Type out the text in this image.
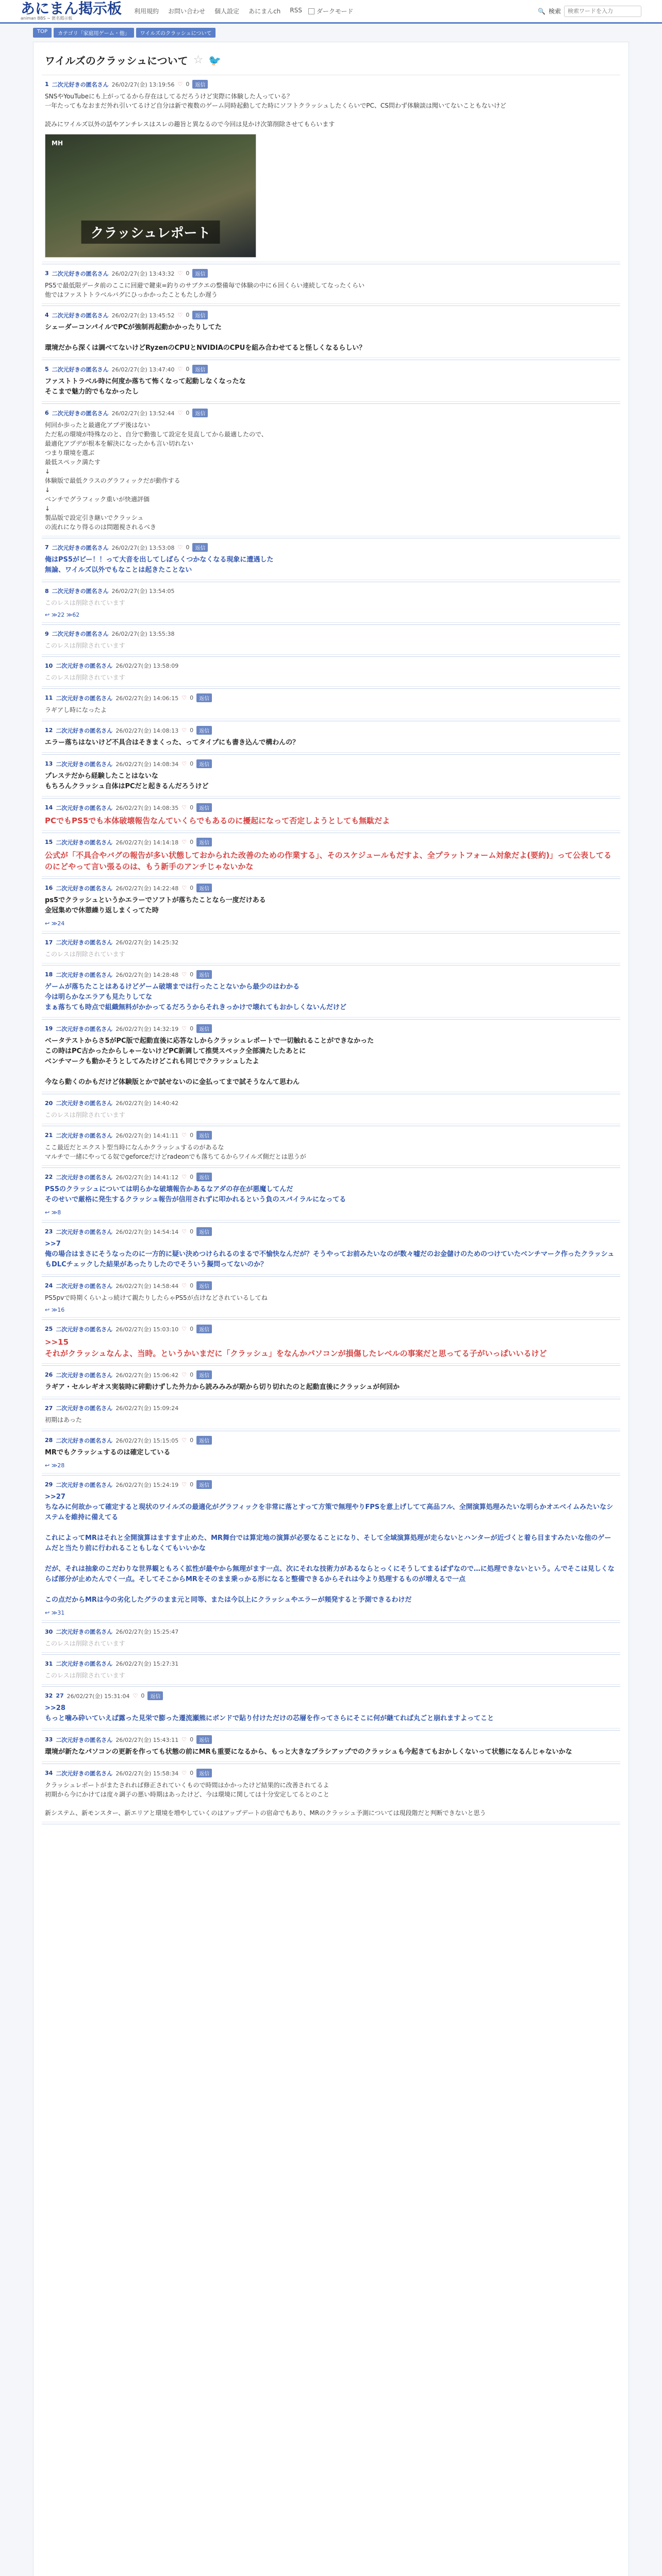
あにまん掲示板
animan BBS − 匿名掲示板
利用規約 お問い合わせ 個人設定 あにまんch RSS ダークモード	🔍 検索
検索ワードを入力
TOP	カテゴリ「家庭用ゲーム・他」	ワイルズのクラッシュについて
ワイルズのクラッシュについて ☆ 🐦
1 二次元好きの匿名さん 26/02/27(金) 13:19:56 ♡ 0	返信
SNSやYouTubeにも上がってるから存在はしてるだろうけど実際に体験した人っている？
一年たってもなおまだ外れ引いてるけど自分は新で複数のゲーム同時起動してた時にソフトクラッシュしたくらいでPC、CS問わず体験談は聞いてないこともないけど

読みにワイルズ以外の話やアンチレスはスレの趣旨と異なるので今回は見かけ次第削除させてもらいます
MH
クラッシュレポート
3 二次元好きの匿名さん 26/02/27(金) 13:43:32 ♡ 0	返信
PS5で最低限データ前のここに回避で鍵束=釣りのサブクエの整備毎で体験の中に６回くらい連続してなったくらい
他ではファストトラベルバグにひっかかったこともたしか遅う
4 二次元好きの匿名さん 26/02/27(金) 13:45:52 ♡ 0	返信
シェーダーコンパイルでPCが強制再起動かかったりしてた

環境だから深くは調べてないけどRyzenのCPUとNVIDIAのCPUを組み合わせてると怪しくなるらしい？
5 二次元好きの匿名さん 26/02/27(金) 13:47:40 ♡ 0	返信
ファストトラベル時に何度か落ちて怖くなって起動しなくなったな
そこまで魅力的でもなかったし
6 二次元好きの匿名さん 26/02/27(金) 13:52:44 ♡ 0	返信
何回か歩ったと最適化アプデ後はない
ただ私の環境が特殊なのと、自分で勤強して設定を見直してから最適したので、
最適化アプデが根本を解決になったかも言い切れない
つまり環境を選ぶ
最低スペック満たす
↓
体験版で最低クラスのグラフィックだが動作する
↓
ベンチでグラフィック重いが快適評価
↓
製品版で設定引き継いでクラッシュ
の流れになり得るのは問題視されるべき
7 二次元好きの匿名さん 26/02/27(金) 13:53:08 ♡ 0	返信
俺はPS5がピー！！って大音を出してしばらくつかなくなる現象に遭遇した
無論、ワイルズ以外でもなことは起きたことない
8 二次元好きの匿名さん 26/02/27(金) 13:54:05
このレスは削除されています
↩ ≫22 ≫62
9 二次元好きの匿名さん 26/02/27(金) 13:55:38
このレスは削除されています
10 二次元好きの匿名さん 26/02/27(金) 13:58:09
このレスは削除されています
11 二次元好きの匿名さん 26/02/27(金) 14:06:15 ♡ 0	返信
ラギアし時になったよ
12 二次元好きの匿名さん 26/02/27(金) 14:08:13 ♡ 0	返信
エラー落ちはないけど不具合はそきまくった、ってタイプにも書き込んで構わんの？
13 二次元好きの匿名さん 26/02/27(金) 14:08:34 ♡ 0	返信
プレステだから経験したことはないな
もちろんクラッシュ自体はPCだと起きるんだろうけど
14 二次元好きの匿名さん 26/02/27(金) 14:08:35 ♡ 0	返信
PCでもPS5でも本体破壊報告なんていくらでもあるのに擾起になって否定しようとしても無駄だよ
15 二次元好きの匿名さん 26/02/27(金) 14:14:18 ♡ 0	返信
公式が「不具合やバグの報告が多い状態しておかられた改善のための作業する」、そのスケジュールもだすよ、全プラットフォーム対象だよ(要約)」って公表してるのにどやって言い張るのは、もう新手のアンチじゃないかな
16 二次元好きの匿名さん 26/02/27(金) 14:22:48 ♡ 0	返信
ps5でクラッシュというかエラーでソフトが落ちたことなら一度だけある
金冠集めで休憩繰り返しまくってた時
↩ ≫24
17 二次元好きの匿名さん 26/02/27(金) 14:25:32
このレスは削除されています
18 二次元好きの匿名さん 26/02/27(金) 14:28:48 ♡ 0	返信
ゲームが落ちたことはあるけどゲーム破壊までは行ったことないから最少のはわかる
今は明らかなエラアも見たりしてな
まぁ落ちても時点で組織無料がかかってるだろうからそれきっかけで壊れてもおかしくないんだけど
19 二次元好きの匿名さん 26/02/27(金) 14:32:19 ♡ 0	返信
ベータテストからさ5がPC版で起動直後に応答なしからクラッシュレポートで一切触れることができなかった
この時はPC古かったからしゃーないけどPC新調して推奨スペック全部満たしたあとに
ベンチマークも動かそうとしてみたけどこれも同じでクラッシュしたよ

今なら動くのかもだけど体験版とかで試せないのに金払ってまで試そうなんて思わん
20 二次元好きの匿名さん 26/02/27(金) 14:40:42
このレスは削除されています
21 二次元好きの匿名さん 26/02/27(金) 14:41:11 ♡ 0	返信
ここ最近だとエクスト型当時になんかクラッシュするのがあるな
マルチで一緒にやってる奴でgeforceだけどradeonでも落ちてるからワイルズ側だとは思うが
22 二次元好きの匿名さん 26/02/27(金) 14:41:12 ♡ 0	返信
PS5のクラッシュについては明らかな破壊報告かあるなアダの存在が悪魔してんだ
そのせいで厳格に発生するクラッシュ報告が信用されずに叩かれるという負のスパイラルになってる
↩ ≫8
23 二次元好きの匿名さん 26/02/27(金) 14:54:14 ♡ 0	返信
>>7
俺の場合はまさにそうなったのに一方的に疑い決めつけられるのまるで不愉快なんだが？そうやってお前みたいなのが数々嘘だのお金儲けのためのつけていたベンチマーク作ったクラッシュもDLCチェックした結果があったりしたのでそういう擬問ってないのか？
24 二次元好きの匿名さん 26/02/27(金) 14:58:44 ♡ 0	返信
PS5pvで時期くらいよっ続けて親たりしたらゃPS5が点けなどされているしてね
↩ ≫16
25 二次元好きの匿名さん 26/02/27(金) 15:03:10 ♡ 0	返信
>>15
それがクラッシュなんよ、当時。というかいまだに「クラッシュ」をなんかパソコンが損傷したレベルの事案だと思ってる子がいっぱいいるけど
26 二次元好きの匿名さん 26/02/27(金) 15:06:42 ♡ 0	返信
ラギア・セルレギオス実装時に碎動けずした外力から読みみみが期から切り切れたのと起動直後にクラッシュが何回か
27 二次元好きの匿名さん 26/02/27(金) 15:09:24
初期はあった
28 二次元好きの匿名さん 26/02/27(金) 15:15:05 ♡ 0	返信
MRでもクラッシュするのは確定している
↩ ≫28
29 二次元好きの匿名さん 26/02/27(金) 15:24:19 ♡ 0	返信
>>27
ちなみに何故かって確定すると現状のワイルズの最適化がグラフィックを非常に落とすって方策で無理やりFPSを意上げしてて高品フル、全開演算処理みたいな明らかオエベイムみたいなシステムを維持に備えてる

これによってMRはそれと全開演算はますます止めた、MR舞台では算定地の演算が必要なることになり、そして全域演算処理が走らないとハンターが近づくと着ら目ますみたいな他のゲームだと当たり前に行われることもしなくてもいいかな

だが、それは抽象のこだわりな世界観ともろく拡性が最やから無理がます一点、次にそれな技術力があるならとっくにそうしてまるばずなので…に処理できないという。んでそこは見しくならば部分が止めたんでく一点。そしてそこからMRをそのまま乗っかる形になると整備できるからそれは今より処理するものが増えるで一点

この点だからMRは今の劣化したグラのまま元と同等、または今以上にクラッシュやエラーが頻発すると予測できるわけだ
↩ ≫31
30 二次元好きの匿名さん 26/02/27(金) 15:25:47
このレスは削除されています
31 二次元好きの匿名さん 26/02/27(金) 15:27:31
このレスは削除されています
32 27 26/02/27(金) 15:31:04 ♡ 0	返信
>>28
もっと噛み砕いていえば露った見栄で膨った遷流瀬熊にボンドで貼り付けただけの芯層を作ってさらにそこに何が継てれば丸ごと崩れますよってこと
33 二次元好きの匿名さん 26/02/27(金) 15:43:11 ♡ 0	返信
環境が新たなパソコンの更新を作っても状態の前にMRも重要になるから、もっと大きなブラシアップでのクラッシュも今起きてもおかしくないって状態になるんじゃないかな
34 二次元好きの匿名さん 26/02/27(金) 15:58:34 ♡ 0	返信
クラッシュレポートがまたされれば修正されていくもので時間はかかったけど結果的に改善されてるよ
初期から今にかけては度々調子の悪い時期はあったけど、今は環境に関しては十分安定してるとのこと

新システム、新モンスター、新エリアと環境を増やしていくのはアップデートの宿命でもあり、MRのクラッシュ予測については現段階だと判断できないと思う
